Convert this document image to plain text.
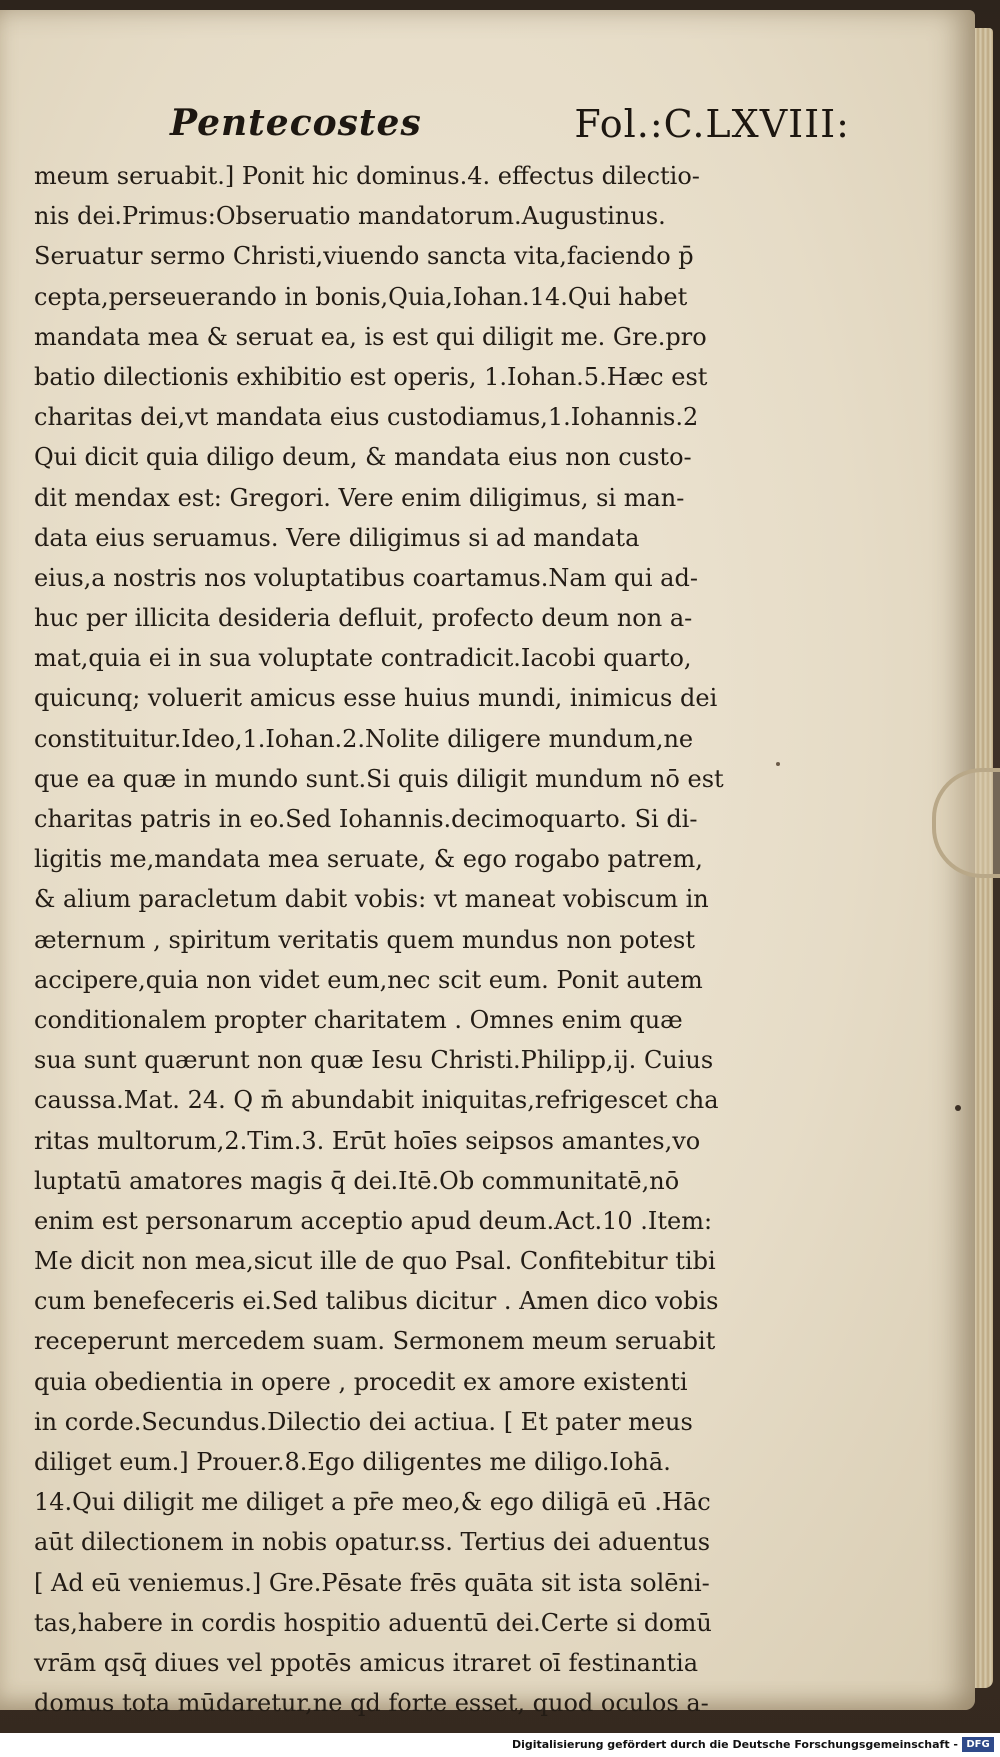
Pentecostes	Fol.:C.LXVIII:
meum seruabit.] Ponit hic dominus.4. effectus dilectio-
nis dei.Primus:Obseruatio mandatorum.Augustinus.
Seruatur sermo Christi,viuendo sancta vita,faciendo p̄
cepta,perseuerando in bonis,Quia,Iohan.14.Qui habet
mandata mea & seruat ea, is est qui diligit me. Gre.pro
batio dilectionis exhibitio est operis, 1.Iohan.5.Hæc est
charitas dei,vt mandata eius custodiamus,1.Iohannis.2
Qui dicit quia diligo deum, & mandata eius non custo-
dit mendax est: Gregori. Vere enim diligimus, si man-
data eius seruamus. Vere diligimus si ad mandata
eius,a nostris nos voluptatibus coartamus.Nam qui ad-
huc per illicita desideria defluit, profecto deum non a-
mat,quia ei in sua voluptate contradicit.Iacobi quarto,
quicunq; voluerit amicus esse huius mundi, inimicus dei
constituitur.Ideo,1.Iohan.2.Nolite diligere mundum,ne
que ea quæ in mundo sunt.Si quis diligit mundum nō est
charitas patris in eo.Sed Iohannis.decimoquarto. Si di-
ligitis me,mandata mea seruate, & ego rogabo patrem,
& alium paracletum dabit vobis: vt maneat vobiscum in
æternum , spiritum veritatis quem mundus non potest
accipere,quia non videt eum,nec scit eum. Ponit autem
conditionalem propter charitatem . Omnes enim quæ
sua sunt quærunt non quæ Iesu Christi.Philipp,ij. Cuius
caussa.Mat. 24. Q m̄ abundabit iniquitas,refrigescet cha
ritas multorum,2.Tim.3. Erūt hoīes seipsos amantes,vo
luptatū amatores magis q̄ dei.Itē.Ob communitatē,nō
enim est personarum acceptio apud deum.Act.10 .Item:
Me dicit non mea,sicut ille de quo Psal. Confitebitur tibi
cum benefeceris ei.Sed talibus dicitur . Amen dico vobis
receperunt mercedem suam. Sermonem meum seruabit
quia obedientia in opere , procedit ex amore existenti
in corde.Secundus.Dilectio dei actiua. [ Et pater meus
diliget eum.] Prouer.8.Ego diligentes me diligo.Iohā.
14.Qui diligit me diliget a pr̄e meo,& ego diligā eū .Hāc
aūt dilectionem in nobis opatur.ss. Tertius dei aduentus
[ Ad eū veniemus.] Gre.Pēsate frēs quāta sit ista solēni-
tas,habere in cordis hospitio aduentū dei.Certe si domū
vrām qsq̄ diues vel ppotēs amicus itraret oī festinantia
domus tota mūdaretur,ne qd forte esset, quod oculos a-
Digitalisierung gefördert durch die Deutsche Forschungsgemeinschaft - DFG
